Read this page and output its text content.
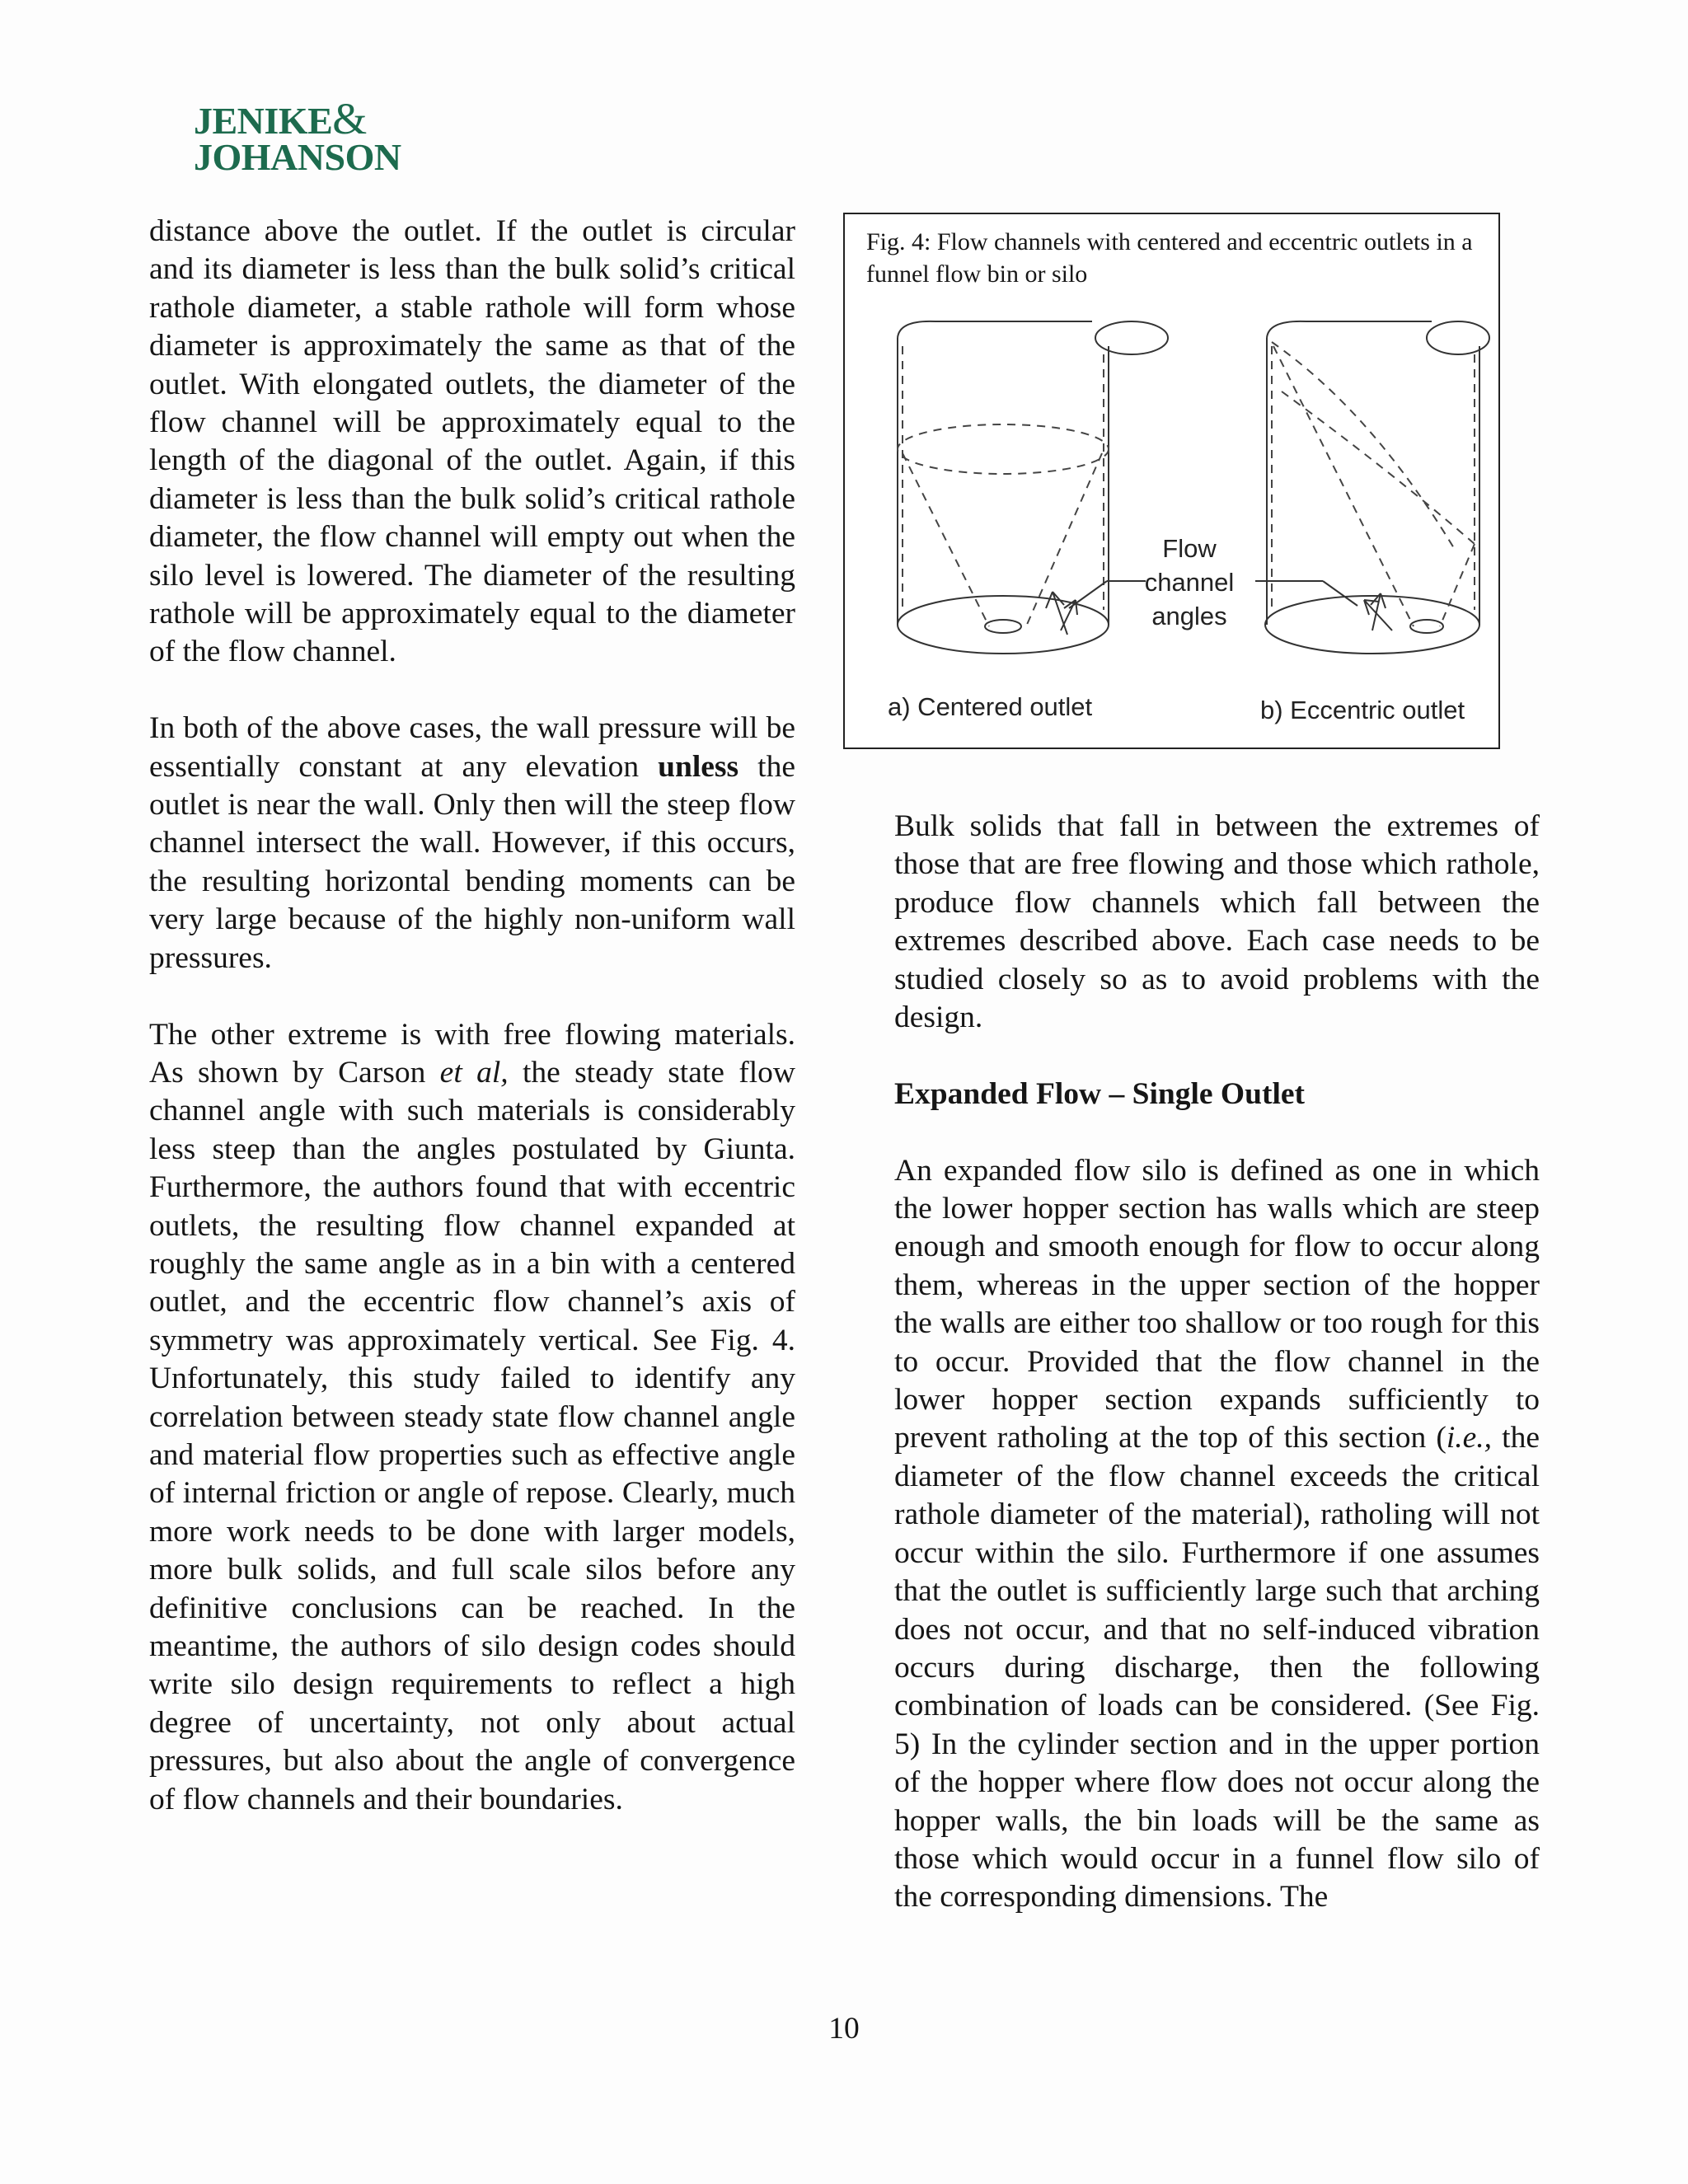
JENIKE&
JOHANSON

distance above the outlet. If the outlet is circular and its diameter is less than the bulk solid’s critical rathole diameter, a stable rathole will form whose diameter is approximately the same as that of the outlet. With elongated outlets, the diameter of the flow channel will be approximately equal to the length of the diagonal of the outlet. Again, if this diameter is less than the bulk solid’s critical rathole diameter, the flow channel will empty out when the silo level is lowered. The diameter of the resulting rathole will be approximately equal to the diameter of the flow channel.

In both of the above cases, the wall pressure will be essentially constant at any elevation unless the outlet is near the wall. Only then will the steep flow channel intersect the wall. However, if this occurs, the resulting horizontal bending moments can be very large because of the highly non-uniform wall pressures.

The other extreme is with free flowing materials. As shown by Carson et al, the steady state flow channel angle with such materials is considerably less steep than the angles postulated by Giunta. Furthermore, the authors found that with eccentric outlets, the resulting flow channel expanded at roughly the same angle as in a bin with a centered outlet, and the eccentric flow channel’s axis of symmetry was approximately vertical. See Fig. 4. Unfortunately, this study failed to identify any correlation between steady state flow channel angle and material flow properties such as effective angle of internal friction or angle of repose. Clearly, much more work needs to be done with larger models, more bulk solids, and full scale silos before any definitive conclusions can be reached. In the meantime, the authors of silo design codes should write silo design requirements to reflect a high degree of uncertainty, not only about actual pressures, but also about the angle of convergence of flow channels and their boundaries.

Flow
channel
angles
a) Centered outlet	b) Eccentric outlet
Fig. 4: Flow channels with centered and eccentric outlets in a funnel flow bin or silo

Bulk solids that fall in between the extremes of those that are free flowing and those which rathole, produce flow channels which fall between the extremes described above. Each case needs to be studied closely so as to avoid problems with the design.

Expanded Flow – Single Outlet

An expanded flow silo is defined as one in which the lower hopper section has walls which are steep enough and smooth enough for flow to occur along them, whereas in the upper section of the hopper the walls are either too shallow or too rough for this to occur. Provided that the flow channel in the lower hopper section expands sufficiently to prevent ratholing at the top of this section (i.e., the diameter of the flow channel exceeds the critical rathole diameter of the material), ratholing will not occur within the silo. Furthermore if one assumes that the outlet is sufficiently large such that arching does not occur, and that no self-induced vibration occurs during discharge, then the following combination of loads can be considered. (See Fig. 5) In the cylinder section and in the upper portion of the hopper where flow does not occur along the hopper walls, the bin loads will be the same as those which would occur in a funnel flow silo of the corresponding dimensions. The

10
